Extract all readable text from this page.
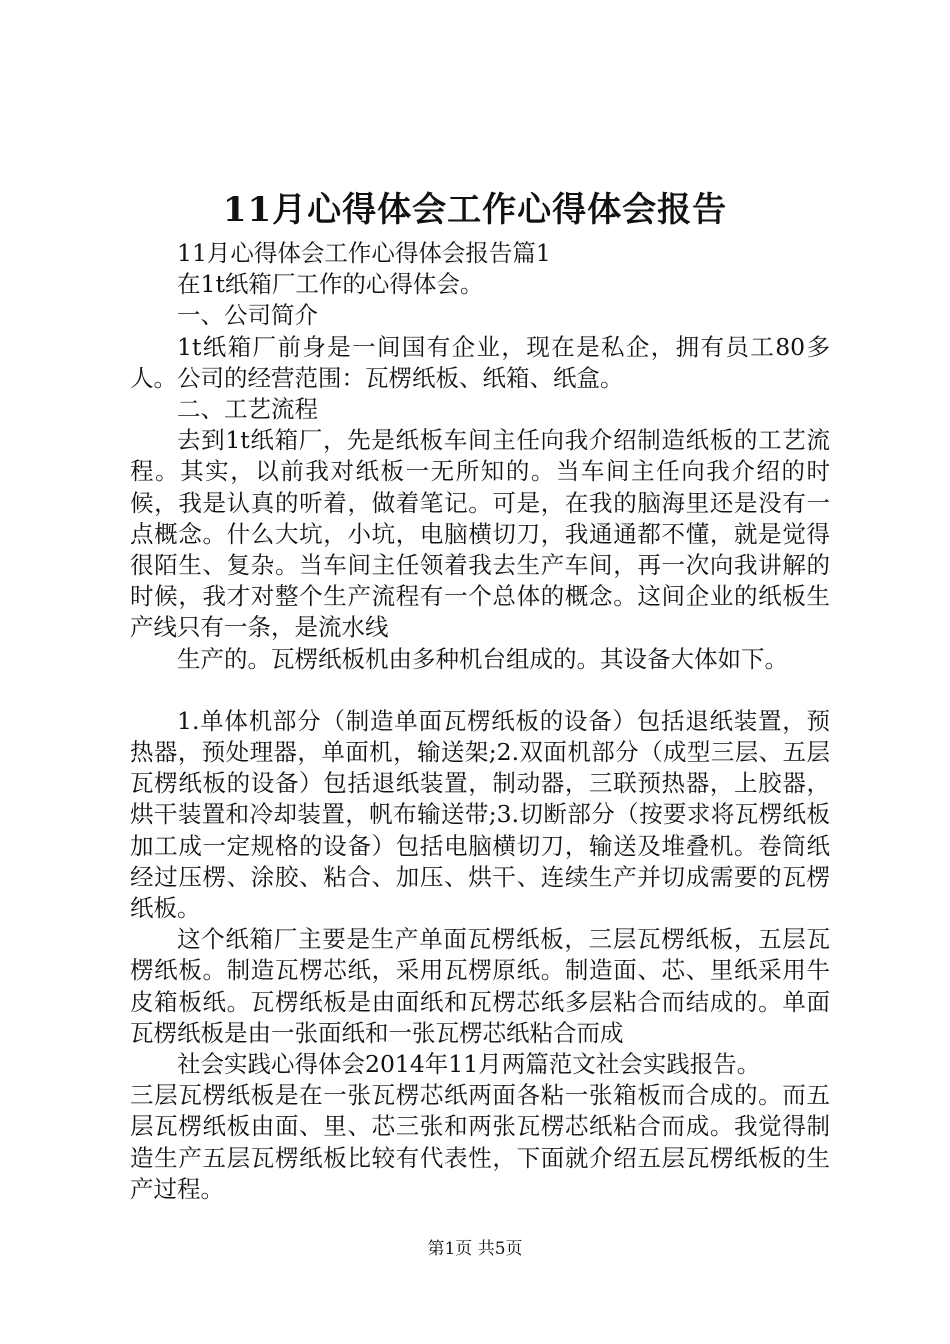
11月心得体会工作心得体会报告

11月心得体会工作心得体会报告篇1

在1t纸箱厂工作的心得体会。

一、公司简介

1t纸箱厂前身是一间国有企业，现在是私企，拥有员工80多人。公司的经营范围：瓦楞纸板、纸箱、纸盒。

二、工艺流程

去到1t纸箱厂，先是纸板车间主任向我介绍制造纸板的工艺流程。其实，以前我对纸板一无所知的。当车间主任向我介绍的时候，我是认真的听着，做着笔记。可是，在我的脑海里还是没有一点概念。什么大坑，小坑，电脑横切刀，我通通都不懂，就是觉得很陌生、复杂。当车间主任领着我去生产车间，再一次向我讲解的时候，我才对整个生产流程有一个总体的概念。这间企业的纸板生产线只有一条，是流水线

生产的。瓦楞纸板机由多种机台组成的。其设备大体如下。

1.单体机部分（制造单面瓦楞纸板的设备）包括退纸装置，预热器，预处理器，单面机，输送架;2.双面机部分（成型三层、五层瓦楞纸板的设备）包括退纸装置，制动器，三联预热器，上胶器，烘干装置和冷却装置，帆布输送带;3.切断部分（按要求将瓦楞纸板加工成一定规格的设备）包括电脑横切刀，输送及堆叠机。卷筒纸经过压楞、涂胶、粘合、加压、烘干、连续生产并切成需要的瓦楞纸板。

这个纸箱厂主要是生产单面瓦楞纸板，三层瓦楞纸板，五层瓦楞纸板。制造瓦楞芯纸，采用瓦楞原纸。制造面、芯、里纸采用牛皮箱板纸。瓦楞纸板是由面纸和瓦楞芯纸多层粘合而结成的。单面瓦楞纸板是由一张面纸和一张瓦楞芯纸粘合而成

社会实践心得体会2014年11月两篇范文社会实践报告。

三层瓦楞纸板是在一张瓦楞芯纸两面各粘一张箱板而合成的。而五层瓦楞纸板由面、里、芯三张和两张瓦楞芯纸粘合而成。我觉得制造生产五层瓦楞纸板比较有代表性，下面就介绍五层瓦楞纸板的生产过程。

第1页 共5页
